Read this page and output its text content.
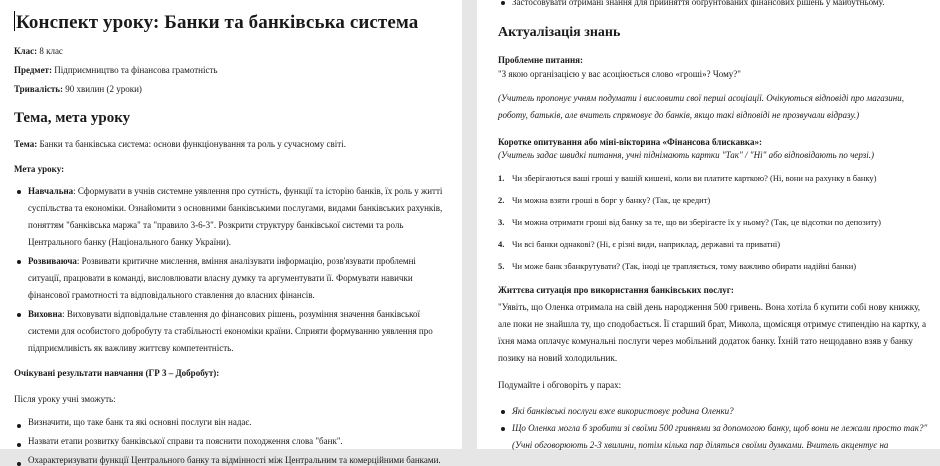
Конспект уроку: Банки та банківська система

Клас: 8 клас

Предмет: Підприємництво та фінансова грамотність

Тривалість: 90 хвилин (2 уроки)

Тема, мета уроку

Тема: Банки та банківська система: основи функціонування та роль у сучасному світі.

Мета уроку:
Навчальна: Сформувати в учнів системне уявлення про сутність, функції та історію банків, їх роль у житті суспільства та економіки. Ознайомити з основними банківськими послугами, видами банківських рахунків, поняттям "банківська маржа" та "правило 3-6-3". Розкрити структуру банківської системи та роль Центрального банку (Національного банку України).
Розвиваюча: Розвивати критичне мислення, вміння аналізувати інформацію, розв'язувати проблемні ситуації, працювати в команді, висловлювати власну думку та аргументувати її. Формувати навички фінансової грамотності та відповідального ставлення до власних фінансів.
Виховна: Виховувати відповідальне ставлення до фінансових рішень, розуміння значення банківської системи для особистого добробуту та стабільності економіки країни. Сприяти формуванню уявлення про підприємливість як важливу життєву компетентність.
Очікувані результати навчання (ГР 3 – Добробут):

Після уроку учні зможуть:

Визначити, що таке банк та які основні послуги він надає.
Назвати етапи розвитку банківської справи та пояснити походження слова "банк".
Охарактеризувати функції Центрального банку та відмінності між Центральним та комерційними банками.

Застосовувати отримані знання для прийняття обґрунтованих фінансових рішень у майбутньому.

Актуалізація знань
Проблемне питання:

"З якою організацією у вас асоціюється слово «гроші»? Чому?"

(Учитель пропонує учням подумати і висловити свої перші асоціації. Очікуються відповіді про магазини, роботу, батьків, але вчитель спрямовує до банків, якщо такі відповіді не прозвучали відразу.)

Коротке опитування або міні-вікторина «Фінансова блискавка»:

(Учитель задає швидкі питання, учні піднімають картки "Так" / "Ні" або відповідають по черзі.)

1. Чи зберігаються ваші гроші у вашій кишені, коли ви платите карткою? (Ні, вони на рахунку в банку)
2. Чи можна взяти гроші в борг у банку? (Так, це кредит)
3. Чи можна отримати гроші від банку за те, що ви зберігаєте їх у ньому? (Так, це відсотки по депозиту)
4. Чи всі банки однакові? (Ні, є різні види, наприклад, державні та приватні)
5. Чи може банк збанкрутувати? (Так, іноді це трапляється, тому важливо обирати надійні банки)
Життєва ситуація про використання банківських послуг:

"Уявіть, що Оленка отримала на свій день народження 500 гривень. Вона хотіла б купити собі нову книжку, але поки не знайшла ту, що сподобається. Її старший брат, Микола, щомісяця отримує стипендію на картку, а їхня мама оплачує комунальні послуги через мобільний додаток банку. Їхній тато нещодавно взяв у банку позику на новий холодильник.

Подумайте і обговоріть у парах:

Які банківські послуги вже використовує родина Оленки?
Що Оленка могла б зробити зі своїми 500 гривнями за допомогою банку, щоб вони не лежали просто так?"

(Учні обговорюють 2-3 хвилини, потім кілька пар діляться своїми думками. Вчитель акцентує на
